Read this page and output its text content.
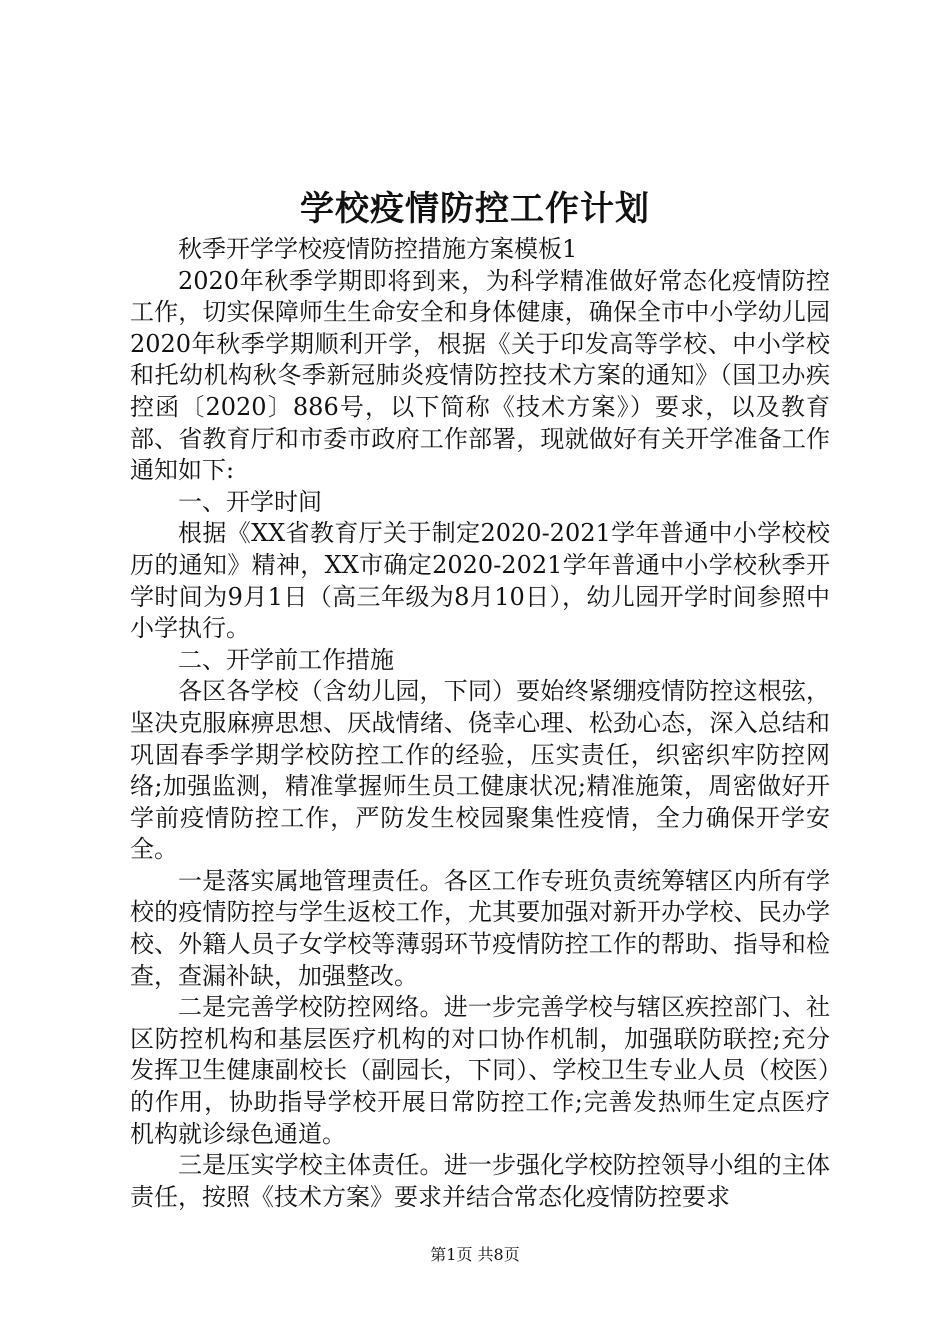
学校疫情防控工作计划

秋季开学学校疫情防控措施方案模板1

2020年秋季学期即将到来，为科学精准做好常态化疫情防控工作，切实保障师生生命安全和身体健康，确保全市中小学幼儿园2020年秋季学期顺利开学，根据《关于印发高等学校、中小学校和托幼机构秋冬季新冠肺炎疫情防控技术方案的通知》（国卫办疾控函〔2020〕886号，以下简称《技术方案》）要求，以及教育部、省教育厅和市委市政府工作部署，现就做好有关开学准备工作通知如下:

一、开学时间

根据《XX省教育厅关于制定2020-2021学年普通中小学校校历的通知》精神，XX市确定2020-2021学年普通中小学校秋季开学时间为9月1日（高三年级为8月10日），幼儿园开学时间参照中小学执行。

二、开学前工作措施

各区各学校（含幼儿园，下同）要始终紧绷疫情防控这根弦，坚决克服麻痹思想、厌战情绪、侥幸心理、松劲心态，深入总结和巩固春季学期学校防控工作的经验，压实责任，织密织牢防控网络;加强监测，精准掌握师生员工健康状况;精准施策，周密做好开学前疫情防控工作，严防发生校园聚集性疫情，全力确保开学安全。

一是落实属地管理责任。各区工作专班负责统筹辖区内所有学校的疫情防控与学生返校工作，尤其要加强对新开办学校、民办学校、外籍人员子女学校等薄弱环节疫情防控工作的帮助、指导和检查，查漏补缺，加强整改。

二是完善学校防控网络。进一步完善学校与辖区疾控部门、社区防控机构和基层医疗机构的对口协作机制，加强联防联控;充分发挥卫生健康副校长（副园长，下同）、学校卫生专业人员（校医）的作用，协助指导学校开展日常防控工作;完善发热师生定点医疗机构就诊绿色通道。

三是压实学校主体责任。进一步强化学校防控领导小组的主体责任，按照《技术方案》要求并结合常态化疫情防控要求

第1页 共8页
